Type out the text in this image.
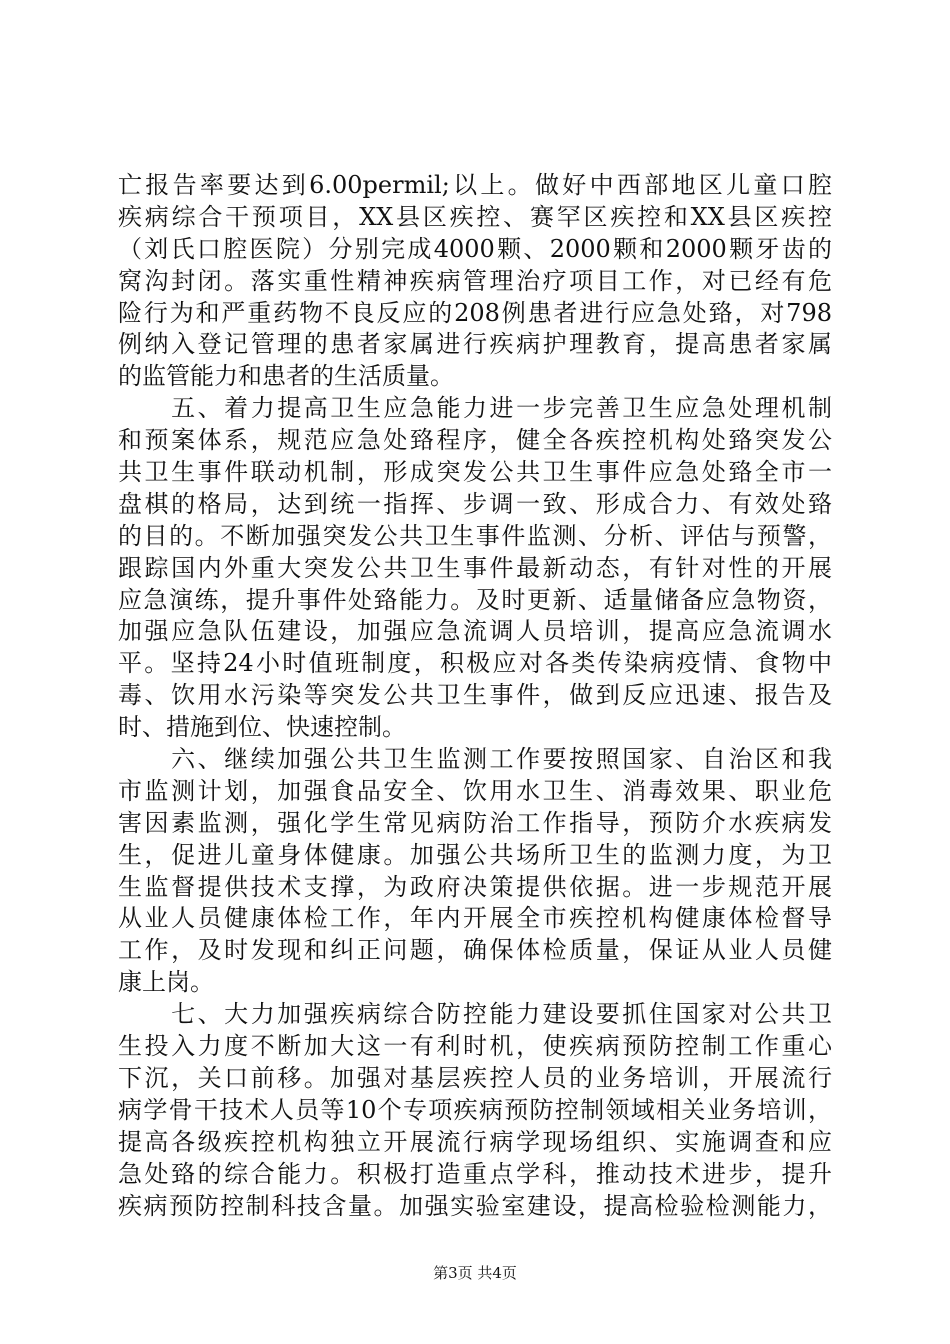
亡报告率要达到6.00permil;以上。做好中西部地区儿童口腔
疾病综合干预项目，XX县区疾控、赛罕区疾控和XX县区疾控
（刘氏口腔医院）分别完成4000颗、2000颗和2000颗牙齿的
窝沟封闭。落实重性精神疾病管理治疗项目工作，对已经有危
险行为和严重药物不良反应的208例患者进行应急处臵，对798
例纳入登记管理的患者家属进行疾病护理教育，提高患者家属
的监管能力和患者的生活质量。
　　五、着力提高卫生应急能力进一步完善卫生应急处理机制
和预案体系，规范应急处臵程序，健全各疾控机构处臵突发公
共卫生事件联动机制，形成突发公共卫生事件应急处臵全市一
盘棋的格局，达到统一指挥、步调一致、形成合力、有效处臵
的目的。不断加强突发公共卫生事件监测、分析、评估与预警，
跟踪国内外重大突发公共卫生事件最新动态，有针对性的开展
应急演练，提升事件处臵能力。及时更新、适量储备应急物资，
加强应急队伍建设，加强应急流调人员培训，提高应急流调水
平。坚持24小时值班制度，积极应对各类传染病疫情、食物中
毒、饮用水污染等突发公共卫生事件，做到反应迅速、报告及
时、措施到位、快速控制。
　　六、继续加强公共卫生监测工作要按照国家、自治区和我
市监测计划，加强食品安全、饮用水卫生、消毒效果、职业危
害因素监测，强化学生常见病防治工作指导，预防介水疾病发
生，促进儿童身体健康。加强公共场所卫生的监测力度，为卫
生监督提供技术支撑，为政府决策提供依据。进一步规范开展
从业人员健康体检工作，年内开展全市疾控机构健康体检督导
工作，及时发现和纠正问题，确保体检质量，保证从业人员健
康上岗。
　　七、大力加强疾病综合防控能力建设要抓住国家对公共卫
生投入力度不断加大这一有利时机，使疾病预防控制工作重心
下沉，关口前移。加强对基层疾控人员的业务培训，开展流行
病学骨干技术人员等10个专项疾病预防控制领域相关业务培训，
提高各级疾控机构独立开展流行病学现场组织、实施调查和应
急处臵的综合能力。积极打造重点学科，推动技术进步，提升
疾病预防控制科技含量。加强实验室建设，提高检验检测能力，
第3页 共4页
